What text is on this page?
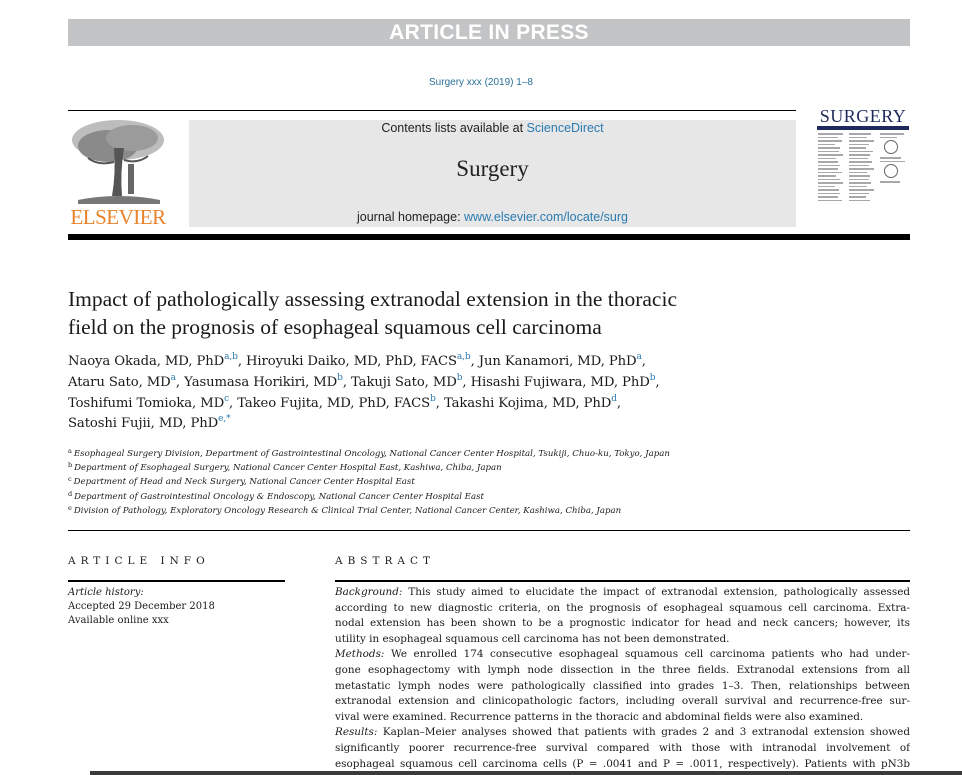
ARTICLE IN PRESS
Surgery xxx (2019) 1–8
ELSEVIER
Contents lists available at ScienceDirect
Surgery
journal homepage: www.elsevier.com/locate/surg
SURGERY
Impact of pathologically assessing extranodal extension in the thoracic
field on the prognosis of esophageal squamous cell carcinoma
Naoya Okada, MD, PhD$^{a,b}$, Hiroyuki Daiko, MD, PhD, FACS$^{a,b}$, Jun Kanamori, MD, PhD$^a$,
Ataru Sato, $MD^a$, Yasumasa Horikiri, $MD^b$, Takuji Sato, $MD^b$, Hisashi Fujiwara, MD, PhD$^b$,
Toshifumi Tomioka, $MD^c$, Takeo Fujita, MD, PhD, FACS$^b$, Takashi Kojima, MD, PhD$^d$,
Satoshi Fujii, MD, PhD$^{e,*}$
$^a$ Esophageal Surgery Division, Department of Gastrointestinal Oncology, National Cancer Center Hospital, Tsukiji, Chuo-ku, Tokyo, Japan
$^b$ Department of Esophageal Surgery, National Cancer Center Hospital East, Kashiwa, Chiba, Japan
$^c$ Department of Head and Neck Surgery, National Cancer Center Hospital East
$^d$ Department of Gastrointestinal Oncology & Endoscopy, National Cancer Center Hospital East
$^e$ Division of Pathology, Exploratory Oncology Research & Clinical Trial Center, National Cancer Center, Kashiwa, Chiba, Japan
ARTICLE INFO	ABSTRACT
Article history:
Accepted 29 December 2018
Available online xxx
Background: This study aimed to elucidate the impact of extranodal extension, pathologically assessed
according to new diagnostic criteria, on the prognosis of esophageal squamous cell carcinoma. Extra-
nodal extension has been shown to be a prognostic indicator for head and neck cancers; however, its
utility in esophageal squamous cell carcinoma has not been demonstrated.
Methods: We enrolled 174 consecutive esophageal squamous cell carcinoma patients who had under-
gone esophagectomy with lymph node dissection in the three fields. Extranodal extensions from all
metastatic lymph nodes were pathologically classified into grades 1–3. Then, relationships between
extranodal extension and clinicopathologic factors, including overall survival and recurrence-free sur-
vival were examined. Recurrence patterns in the thoracic and abdominal fields were also examined.
Results: Kaplan–Meier analyses showed that patients with grades 2 and 3 extranodal extension showed
significantly poorer recurrence-free survival compared with those with intranodal involvement of
esophageal squamous cell carcinoma cells (P = .0041 and P = .0011, respectively). Patients with pN3b
